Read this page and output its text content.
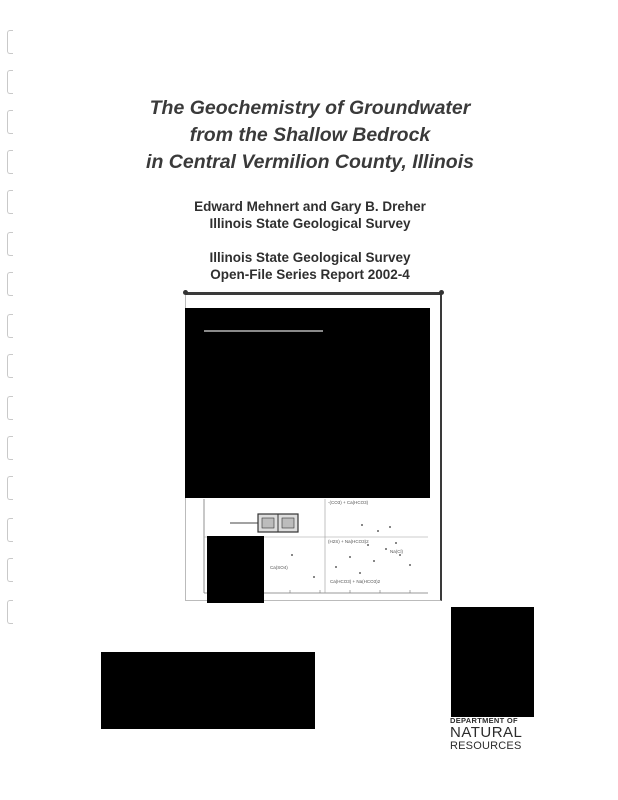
The Geochemistry of Groundwater
from the Shallow Bedrock
in Central Vermilion County, Illinois
Edward Mehnert and Gary B. Dreher
Illinois State Geological Survey
Illinois State Geological Survey
Open-File Series Report 2002-4
-(CO3) + Ca(HCO3)
(H2S) + Na(HCO3)2
Na(Cl)
Ca(SO4)
Ca(HCO3) + Na(HCO3)2
DEPARTMENT OF
NATURAL
RESOURCES
